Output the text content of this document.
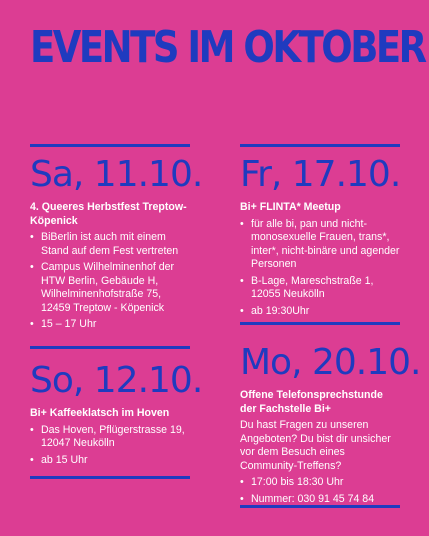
EVENTS IM OKTOBER
Sa, 11.10.
4. Queeres Herbstfest Treptow-Köpenick
• BiBerlin ist auch mit einem Stand auf dem Fest vertreten
• Campus Wilhelminenhof der HTW Berlin, Gebäude H, Wilhelminenhofstraße 75, 12459 Treptow - Köpenick
• 15 – 17 Uhr
Fr, 17.10.
Bi+ FLINTA* Meetup
• für alle bi, pan und nicht-monosexuelle Frauen, trans*, inter*, nicht-binäre und agender Personen
• B-Lage, Mareschstraße 1, 12055 Neukölln
• ab 19:30Uhr
So, 12.10.
Bi+ Kaffeeklatsch im Hoven
• Das Hoven, Pflügerstrasse 19, 12047 Neukölln
• ab 15 Uhr
Mo, 20.10.
Offene Telefonsprechstunde der Fachstelle Bi+
Du hast Fragen zu unseren Angeboten? Du bist dir unsicher vor dem Besuch eines Community-Treffens?
• 17:00 bis 18:30 Uhr
• Nummer: 030 91 45 74 84
